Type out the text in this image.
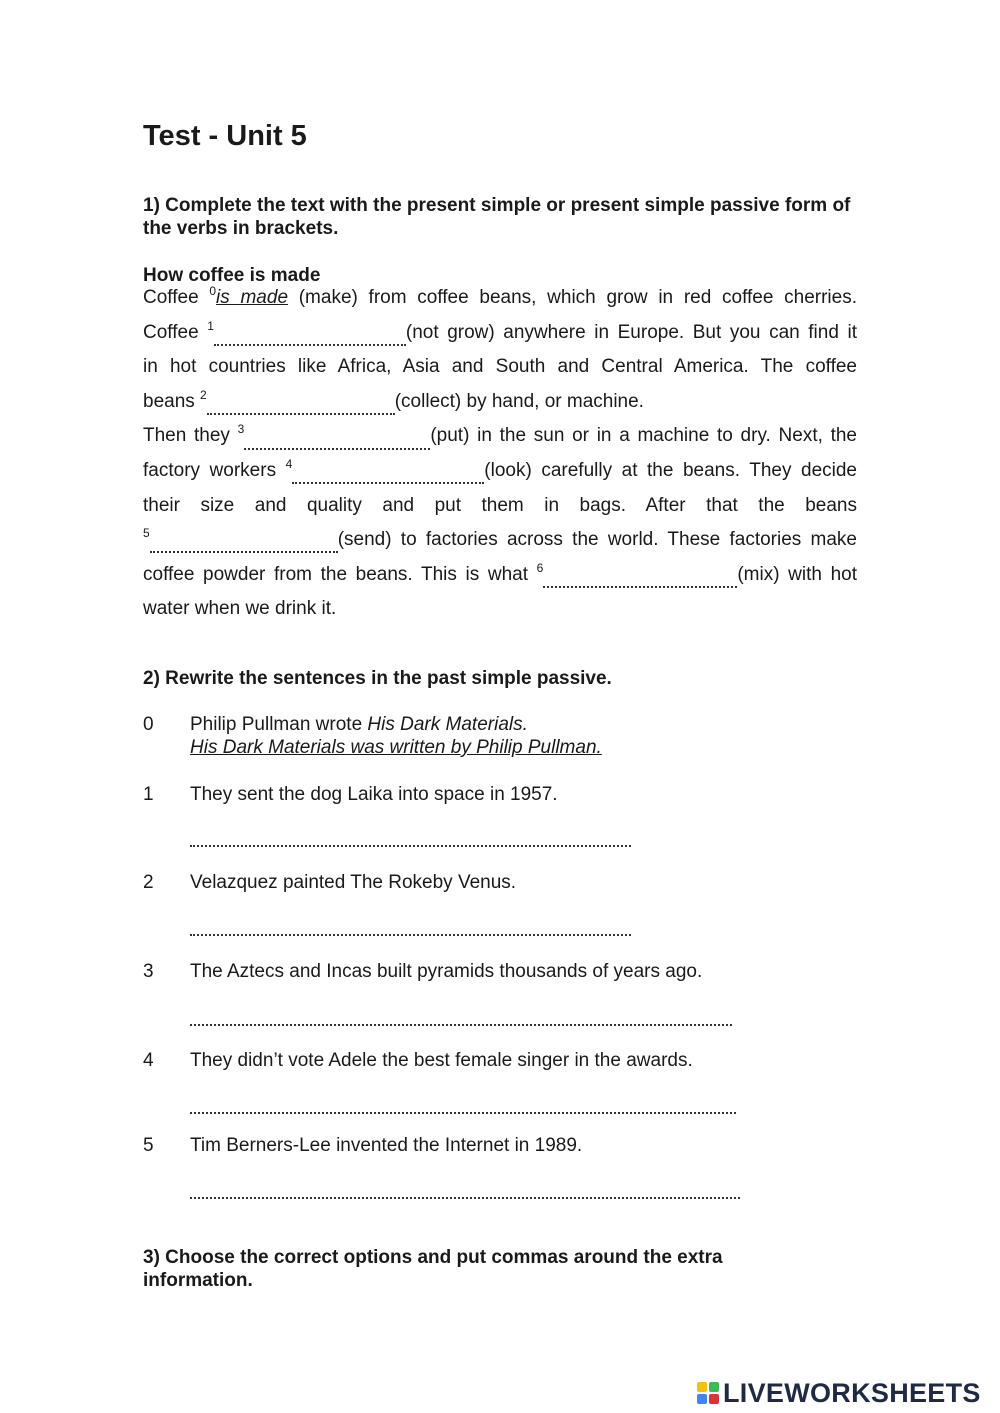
Test - Unit 5

1) Complete the text with the present simple or present simple passive form of the verbs in brackets.

How coffee is made

Coffee $^0$is made (make) from coffee beans, which grow in red coffee cherries.
Coffee $^1$	(not grow) anywhere in Europe. But you can find it
in hot countries like Africa, Asia and South and Central America. The coffee
beans $^2$	(collect) by hand, or machine.
Then they $^3$	(put) in the sun or in a machine to dry. Next, the
factory workers $^4$	(look) carefully at the beans. They decide
their size and quality and put them in bags. After that the beans
$^5$	(send) to factories across the world. These factories make
coffee powder from the beans. This is what $^6$	(mix) with hot
water when we drink it.

2) Rewrite the sentences in the past simple passive.

0 Philip Pullman wrote His Dark Materials.
His Dark Materials was written by Philip Pullman.
1 They sent the dog Laika into space in 1957.
2 Velazquez painted The Rokeby Venus.
3 The Aztecs and Incas built pyramids thousands of years ago.
4 They didn’t vote Adele the best female singer in the awards.
5 Tim Berners-Lee invented the Internet in 1989.

3) Choose the correct options and put commas around the extra information.

LIVEWORKSHEETS
